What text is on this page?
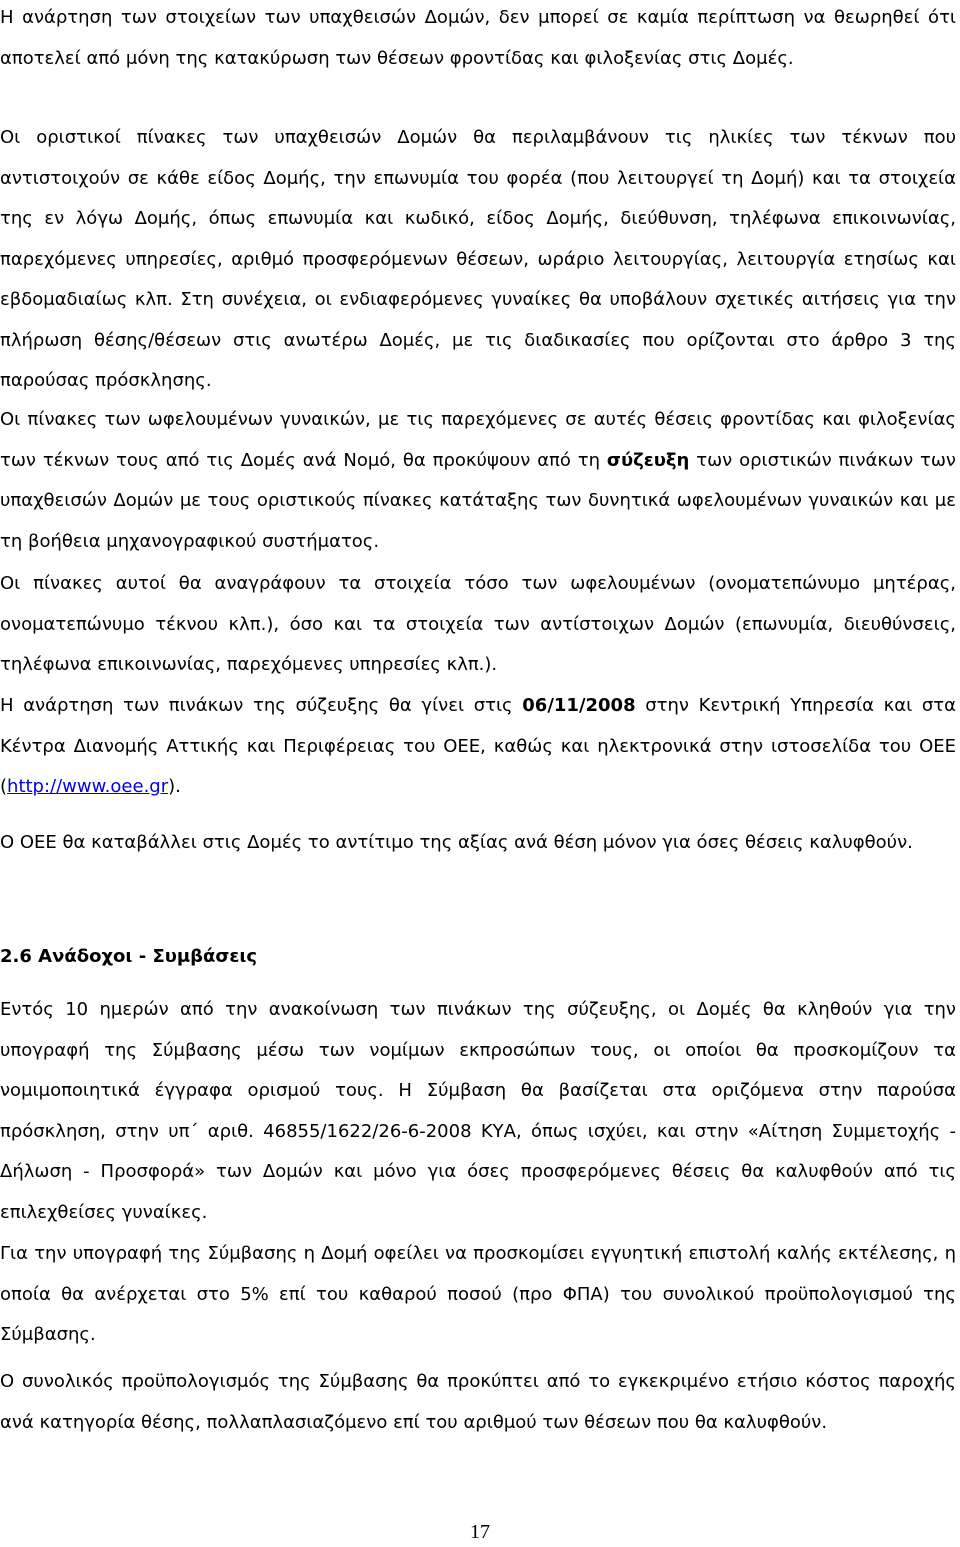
Η ανάρτηση των στοιχείων των υπαχθεισών Δομών, δεν μπορεί σε καμία περίπτωση να θεωρηθεί ότι αποτελεί από μόνη της κατακύρωση των θέσεων φροντίδας και φιλοξενίας στις Δομές.

Οι οριστικοί πίνακες των υπαχθεισών Δομών θα περιλαμβάνουν τις ηλικίες των τέκνων που αντιστοιχούν σε κάθε είδος Δομής, την επωνυμία του φορέα (που λειτουργεί τη Δομή) και τα στοιχεία της εν λόγω Δομής, όπως επωνυμία και κωδικό, είδος Δομής, διεύθυνση, τηλέφωνα επικοινωνίας, παρεχόμενες υπηρεσίες, αριθμό προσφερόμενων θέσεων, ωράριο λειτουργίας, λειτουργία ετησίως και εβδομαδιαίως κλπ. Στη συνέχεια, οι ενδιαφερόμενες γυναίκες θα υποβάλουν σχετικές αιτήσεις για την πλήρωση θέσης/θέσεων στις ανωτέρω Δομές, με τις διαδικασίες που ορίζονται στο άρθρο 3 της παρούσας πρόσκλησης.

Οι πίνακες των ωφελουμένων γυναικών, με τις παρεχόμενες σε αυτές θέσεις φροντίδας και φιλοξενίας των τέκνων τους από τις Δομές ανά Νομό, θα προκύψουν από τη σύζευξη των οριστικών πινάκων των υπαχθεισών Δομών με τους οριστικούς πίνακες κατάταξης των δυνητικά ωφελουμένων γυναικών και με τη βοήθεια μηχανογραφικού συστήματος.

Οι πίνακες αυτοί θα αναγράφουν τα στοιχεία τόσο των ωφελουμένων (ονοματεπώνυμο μητέρας, ονοματεπώνυμο τέκνου κλπ.), όσο και τα στοιχεία των αντίστοιχων Δομών (επωνυμία, διευθύνσεις, τηλέφωνα επικοινωνίας, παρεχόμενες υπηρεσίες κλπ.).

Η ανάρτηση των πινάκων της σύζευξης θα γίνει στις 06/11/2008 στην Κεντρική Υπηρεσία και στα Κέντρα Διανομής Αττικής και Περιφέρειας του ΟΕΕ, καθώς και ηλεκτρονικά στην ιστοσελίδα του ΟΕΕ (http://www.oee.gr).

Ο ΟΕΕ θα καταβάλλει στις Δομές το αντίτιμο της αξίας ανά θέση μόνον για όσες θέσεις καλυφθούν.

2.6 Ανάδοχοι - Συμβάσεις

Εντός 10 ημερών από την ανακοίνωση των πινάκων της σύζευξης, οι Δομές θα κληθούν για την υπογραφή της Σύμβασης μέσω των νομίμων εκπροσώπων τους, οι οποίοι θα προσκομίζουν τα νομιμοποιητικά έγγραφα ορισμού τους. Η Σύμβαση θα βασίζεται στα οριζόμενα στην παρούσα πρόσκληση, στην υπ΄ αριθ. 46855/1622/26-6-2008 ΚΥΑ, όπως ισχύει, και στην «Αίτηση Συμμετοχής - Δήλωση - Προσφορά» των Δομών και μόνο για όσες προσφερόμενες θέσεις θα καλυφθούν από τις επιλεχθείσες γυναίκες.

Για την υπογραφή της Σύμβασης η Δομή οφείλει να προσκομίσει εγγυητική επιστολή καλής εκτέλεσης, η οποία θα ανέρχεται στο 5% επί του καθαρού ποσού (προ ΦΠΑ) του συνολικού προϋπολογισμού της Σύμβασης.

Ο συνολικός προϋπολογισμός της Σύμβασης θα προκύπτει από το εγκεκριμένο ετήσιο κόστος παροχής ανά κατηγορία θέσης, πολλαπλασιαζόμενο επί του αριθμού των θέσεων που θα καλυφθούν.

17
